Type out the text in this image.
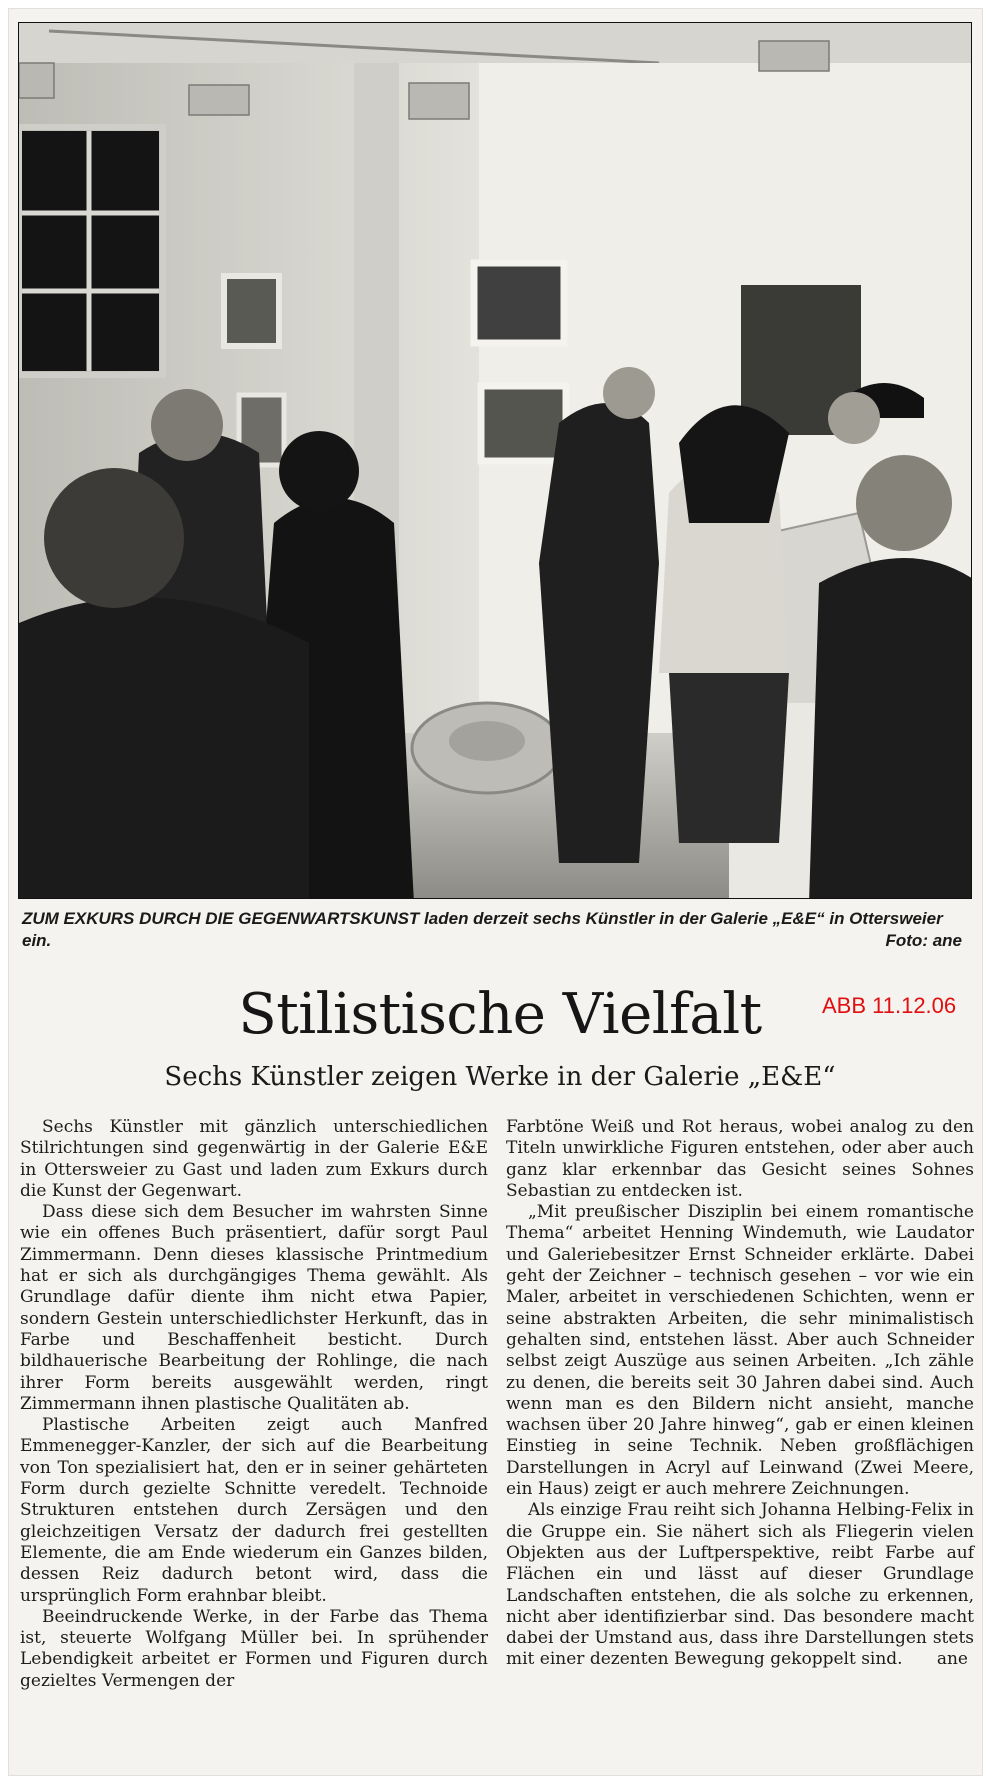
ZUM EXKURS DURCH DIE GEGENWARTSKUNST laden derzeit sechs Künstler in der Galerie „E&E“ in Ottersweier ein.	Foto: ane
Stilistische Vielfalt	ABB 11.12.06
Sechs Künstler zeigen Werke in der Galerie „E&E“

Sechs Künstler mit gänzlich unterschiedlichen Stilrichtungen sind gegenwärtig in der Galerie E&E in Ottersweier zu Gast und laden zum Exkurs durch die Kunst der Gegenwart.

Dass diese sich dem Besucher im wahrsten Sinne wie ein offenes Buch präsentiert, dafür sorgt Paul Zimmermann. Denn dieses klassische Printmedium hat er sich als durchgängiges Thema gewählt. Als Grundlage dafür diente ihm nicht etwa Papier, sondern Gestein unterschiedlichster Herkunft, das in Farbe und Beschaffenheit besticht. Durch bildhauerische Bearbeitung der Rohlinge, die nach ihrer Form bereits ausgewählt werden, ringt Zimmermann ihnen plastische Qualitäten ab.

Plastische Arbeiten zeigt auch Manfred Emmenegger-Kanzler, der sich auf die Bearbeitung von Ton spezialisiert hat, den er in seiner gehärteten Form durch gezielte Schnitte veredelt. Technoide Strukturen entstehen durch Zersägen und den gleichzeitigen Versatz der dadurch frei gestellten Elemente, die am Ende wiederum ein Ganzes bilden, dessen Reiz dadurch betont wird, dass die ursprünglich Form erahnbar bleibt.

Beeindruckende Werke, in der Farbe das Thema ist, steuerte Wolfgang Müller bei. In sprühender Lebendigkeit arbeitet er Formen und Figuren durch gezieltes Vermengen der

Farbtöne Weiß und Rot heraus, wobei analog zu den Titeln unwirkliche Figuren entstehen, oder aber auch ganz klar erkennbar das Gesicht seines Sohnes Sebastian zu entdecken ist.

„Mit preußischer Disziplin bei einem romantische Thema“ arbeitet Henning Windemuth, wie Laudator und Galeriebesitzer Ernst Schneider erklärte. Dabei geht der Zeichner – technisch gesehen – vor wie ein Maler, arbeitet in verschiedenen Schichten, wenn er seine abstrakten Arbeiten, die sehr minimalistisch gehalten sind, entstehen lässt. Aber auch Schneider selbst zeigt Auszüge aus seinen Arbeiten. „Ich zähle zu denen, die bereits seit 30 Jahren dabei sind. Auch wenn man es den Bildern nicht ansieht, manche wachsen über 20 Jahre hinweg“, gab er einen kleinen Einstieg in seine Technik. Neben großflächigen Darstellungen in Acryl auf Leinwand (Zwei Meere, ein Haus) zeigt er auch mehrere Zeichnungen.

Als einzige Frau reiht sich Johanna Helbing-Felix in die Gruppe ein. Sie nähert sich als Fliegerin vielen Objekten aus der Luftperspektive, reibt Farbe auf Flächen ein und lässt auf dieser Grundlage Landschaften entstehen, die als solche zu erkennen, nicht aber identifizierbar sind. Das besondere macht dabei der Umstand aus, dass ihre Darstellungen stets mit einer dezenten Bewegung gekoppelt sind.	ane
